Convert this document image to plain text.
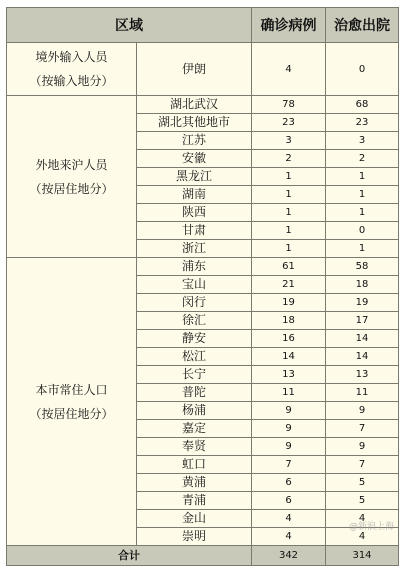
区域		确诊病例	治愈出院

境外输入人员
（按输入地分）	伊朗	4	0

外地来沪人员
（按居住地分）	湖北武汉	78	68
	湖北其他地市	23	23
	江苏	3	3
	安徽	2	2
	黑龙江	1	1
	湖南	1	1
	陕西	1	1
	甘肃	1	0
	浙江	1	1

本市常住人口
（按居住地分）	浦东	61	58
	宝山	21	18
	闵行	19	19
	徐汇	18	17
	静安	16	14
	松江	14	14
	长宁	13	13
	普陀	11	11
	杨浦	9	9
	嘉定	9	7
	奉贤	9	9
	虹口	7	7
	黄浦	6	5
	青浦	6	5
	金山	4	4
	崇明	4	4
合计		342	314
@新浪上海
